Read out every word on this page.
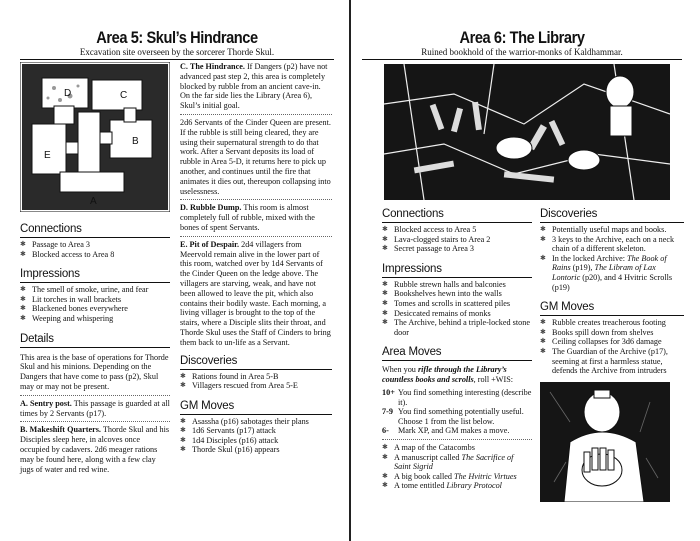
Area 5: Skul’s Hindrance
Excavation site overseen by the sorcerer Thorde Skul.
D	C
B
E
A
Connections
✱ Passage to Area 3
✱ Blocked access to Area 8
Impressions
✱ The smell of smoke, urine, and fear
✱ Lit torches in wall brackets
✱ Blackened bones everywhere
✱ Weeping and whispering
Details

This area is the base of operations for Thorde Skul and his minions. Depending on the Dangers that have come to pass (p2), Skul may or may not be present.

A. Sentry post. This passage is guarded at all times by 2 Servants (p17).

B. Makeshift Quarters. Thorde Skul and his Disciples sleep here, in alcoves once occupied by cadavers. 2d6 meager rations may be found here, along with a few clay jugs of water and red wine.

C. The Hindrance. If Dangers (p2) have not advanced past step 2, this area is completely blocked by rubble from an ancient cave-in. On the far side lies the Library (Area 6), Skul’s initial goal.

2d6 Servants of the Cinder Queen are present. If the rubble is still being cleared, they are using their supernatural strength to do that work. After a Servant deposits its load of rubble in Area 5-D, it returns here to pick up another, and continues until the fire that animates it dies out, thereupon collapsing into uselessness.

D. Rubble Dump. This room is almost completely full of rubble, mixed with the bones of spent Servants.

E. Pit of Despair. 2d4 villagers from Meervold remain alive in the lower part of this room, watched over by 1d4 Servants of the Cinder Queen on the ledge above. The villagers are starving, weak, and have not been allowed to leave the pit, which also contains their bodily waste. Each morning, a living villager is brought to the top of the stairs, where a Disciple slits their throat, and Thorde Skul uses the Staff of Cinders to bring them back to un-life as a Servant.

Discoveries
✱ Rations found in Area 5-B
✱ Villagers rescued from Area 5-E
GM Moves
✱ Asassha (p16) sabotages their plans
✱ 1d6 Servants (p17) attack
✱ 1d4 Disciples (p16) attack
✱ Thorde Skul (p16) appears
Area 6: The Library
Ruined bookhold of the warrior-monks of Kaldhammar.
Connections
✱ Blocked access to Area 5
✱ Lava-clogged stairs to Area 2
✱ Secret passage to Area 3
Impressions
✱ Rubble strewn halls and balconies
✱ Bookshelves hewn into the walls
✱ Tomes and scrolls in scattered piles
✱ Desiccated remains of monks
✱ The Archive, behind a triple-locked stone door
Area Moves

When you rifle through the Library’s countless books and scrolls, roll +WIS:

10+ You find something interesting (describe it).
7-9 You find something potentially useful. Choose 1 from the list below.
6-	Mark XP, and GM makes a move.
✱ A map of the Catacombs
✱ A manuscript called The Sacrifice of Saint Sigrid
✱ A big book called The Hvitric Virtues
✱ A tome entitled Library Protocol
Discoveries
✱ Potentially useful maps and books.
✱ 3 keys to the Archive, each on a neck chain of a different skeleton.
✱ In the locked Archive: The Book of Rains (p19), The Libram of Lax Lontoric (p20), and 4 Hvitric Scrolls (p19)
GM Moves
✱ Rubble creates treacherous footing
✱ Books spill down from shelves
✱ Ceiling collapses for 3d6 damage
✱ The Guardian of the Archive (p17), seeming at first a harmless statue, defends the Archive from intruders
